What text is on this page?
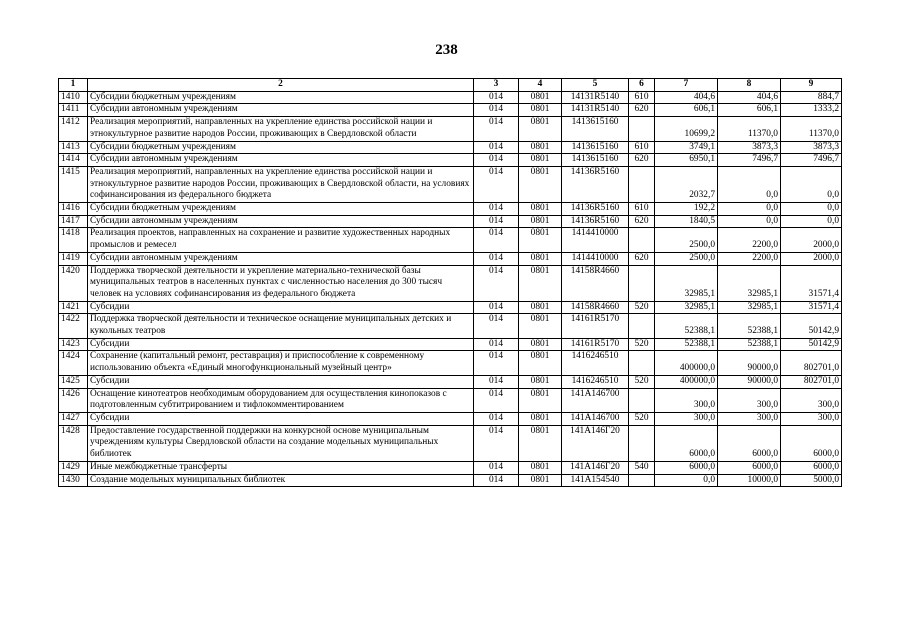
238
1	2	3	4	5	6	7	8	9
1410	Субсидии бюджетным учреждениям	014	0801	14131R5140	610	404,6	404,6	884,7
1411	Субсидии автономным учреждениям	014	0801	14131R5140	620	606,1	606,1	1333,2
1412	Реализация мероприятий, направленных на укрепление единства российской нации и этнокультурное развитие народов России, проживающих в Свердловской области	014	0801	1413615160		10699,2	11370,0	11370,0
1413	Субсидии бюджетным учреждениям	014	0801	1413615160	610	3749,1	3873,3	3873,3
1414	Субсидии автономным учреждениям	014	0801	1413615160	620	6950,1	7496,7	7496,7
1415	Реализация мероприятий, направленных на укрепление единства российской нации и этнокультурное развитие народов России, проживающих в Свердловской области, на условиях софинансирования из федерального бюджета	014	0801	14136R5160		2032,7	0,0	0,0
1416	Субсидии бюджетным учреждениям	014	0801	14136R5160	610	192,2	0,0	0,0
1417	Субсидии автономным учреждениям	014	0801	14136R5160	620	1840,5	0,0	0,0
1418	Реализация проектов, направленных на сохранение и развитие художественных народных промыслов и ремесел	014	0801	1414410000		2500,0	2200,0	2000,0
1419	Субсидии автономным учреждениям	014	0801	1414410000	620	2500,0	2200,0	2000,0
1420	Поддержка творческой деятельности и укрепление материально-технической базы муниципальных театров в населенных пунктах с численностью населения до 300 тысяч человек на условиях софинансирования из федерального бюджета	014	0801	14158R4660		32985,1	32985,1	31571,4
1421	Субсидии	014	0801	14158R4660	520	32985,1	32985,1	31571,4
1422	Поддержка творческой деятельности и техническое оснащение муниципальных детских и кукольных театров	014	0801	14161R5170		52388,1	52388,1	50142,9
1423	Субсидии	014	0801	14161R5170	520	52388,1	52388,1	50142,9
1424	Сохранение (капитальный ремонт, реставрация) и приспособление к современному использованию объекта «Единый многофункциональный музейный центр»	014	0801	1416246510		400000,0	90000,0	802701,0
1425	Субсидии	014	0801	1416246510	520	400000,0	90000,0	802701,0
1426	Оснащение кинотеатров необходимым оборудованием для осуществления кинопоказов с подготовленным субтитрированием и тифлокомментированием	014	0801	141А146700		300,0	300,0	300,0
1427	Субсидии	014	0801	141А146700	520	300,0	300,0	300,0
1428	Предоставление государственной поддержки на конкурсной основе муниципальным учреждениям культуры Свердловской области на создание модельных муниципальных библиотек	014	0801	141А146Г20		6000,0	6000,0	6000,0
1429	Иные межбюджетные трансферты	014	0801	141А146Г20	540	6000,0	6000,0	6000,0
1430	Создание модельных муниципальных библиотек	014	0801	141А154540		0,0	10000,0	5000,0
